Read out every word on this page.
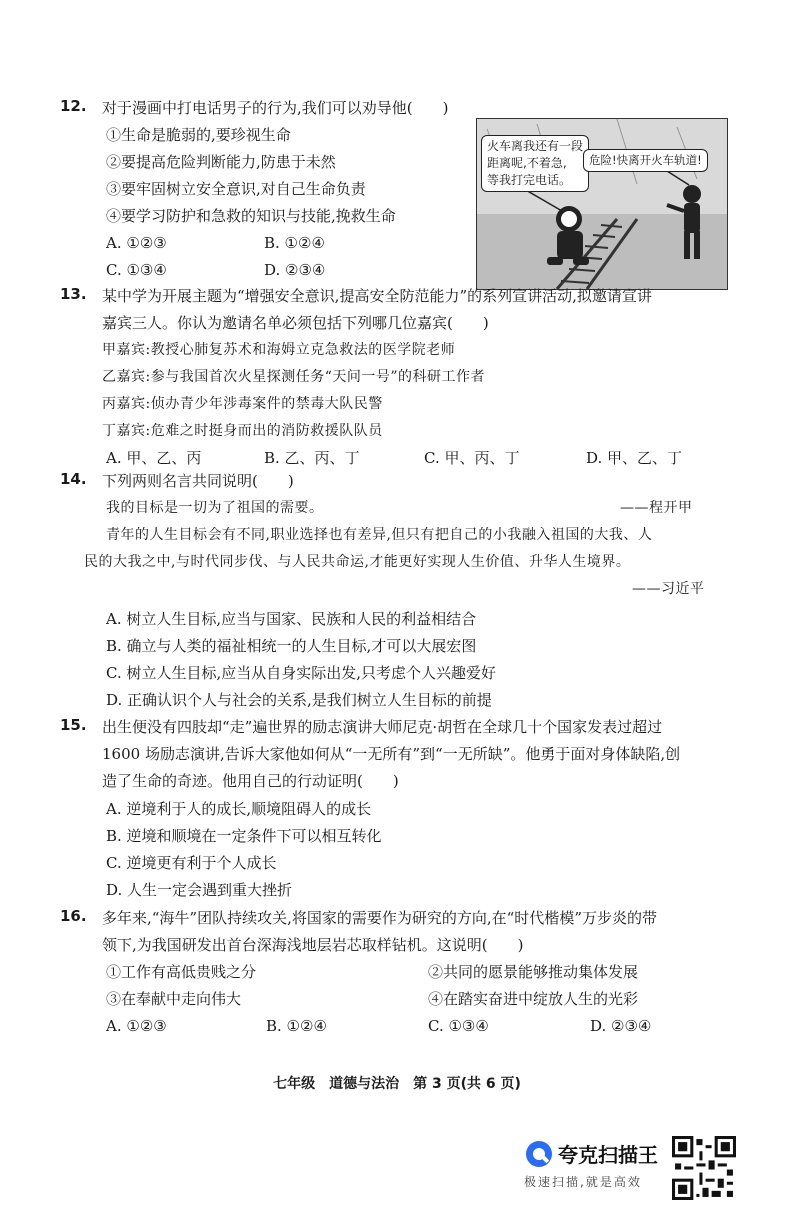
12. 对于漫画中打电话男子的行为,我们可以劝导他(　　)
①生命是脆弱的,要珍视生命
②要提高危险判断能力,防患于未然
③要牢固树立安全意识,对自己生命负责
④要学习防护和急救的知识与技能,挽救生命
A. ①②③	B. ①②④
C. ①③④	D. ②③④
火车离我还有一段
距离呢,不着急,
等我打完电话。
危险!快离开火车轨道!
13. 某中学为开展主题为“增强安全意识,提高安全防范能力”的系列宣讲活动,拟邀请宣讲
嘉宾三人。你认为邀请名单必须包括下列哪几位嘉宾(　　)
甲嘉宾:教授心肺复苏术和海姆立克急救法的医学院老师
乙嘉宾:参与我国首次火星探测任务“天问一号”的科研工作者
丙嘉宾:侦办青少年涉毒案件的禁毒大队民警
丁嘉宾:危难之时挺身而出的消防救援队队员
A. 甲、乙、丙	B. 乙、丙、丁	C. 甲、丙、丁	D. 甲、乙、丁
14. 下列两则名言共同说明(　　)
我的目标是一切为了祖国的需要。	——程开甲
青年的人生目标会有不同,职业选择也有差异,但只有把自己的小我融入祖国的大我、人
民的大我之中,与时代同步伐、与人民共命运,才能更好实现人生价值、升华人生境界。
——习近平
A. 树立人生目标,应当与国家、民族和人民的利益相结合
B. 确立与人类的福祉相统一的人生目标,才可以大展宏图
C. 树立人生目标,应当从自身实际出发,只考虑个人兴趣爱好
D. 正确认识个人与社会的关系,是我们树立人生目标的前提
15. 出生便没有四肢却“走”遍世界的励志演讲大师尼克·胡哲在全球几十个国家发表过超过
1600 场励志演讲,告诉大家他如何从“一无所有”到“一无所缺”。他勇于面对身体缺陷,创
造了生命的奇迹。他用自己的行动证明(　　)
A. 逆境利于人的成长,顺境阻碍人的成长
B. 逆境和顺境在一定条件下可以相互转化
C. 逆境更有利于个人成长
D. 人生一定会遇到重大挫折
16. 多年来,“海牛”团队持续攻关,将国家的需要作为研究的方向,在“时代楷模”万步炎的带
领下,为我国研发出首台深海浅地层岩芯取样钻机。这说明(　　)
①工作有高低贵贱之分	②共同的愿景能够推动集体发展
③在奉献中走向伟大	④在踏实奋进中绽放人生的光彩
A. ①②③	B. ①②④	C. ①③④	D. ②③④
七年级　道德与法治　第 3 页(共 6 页)
夸克扫描王
极速扫描,就是高效
